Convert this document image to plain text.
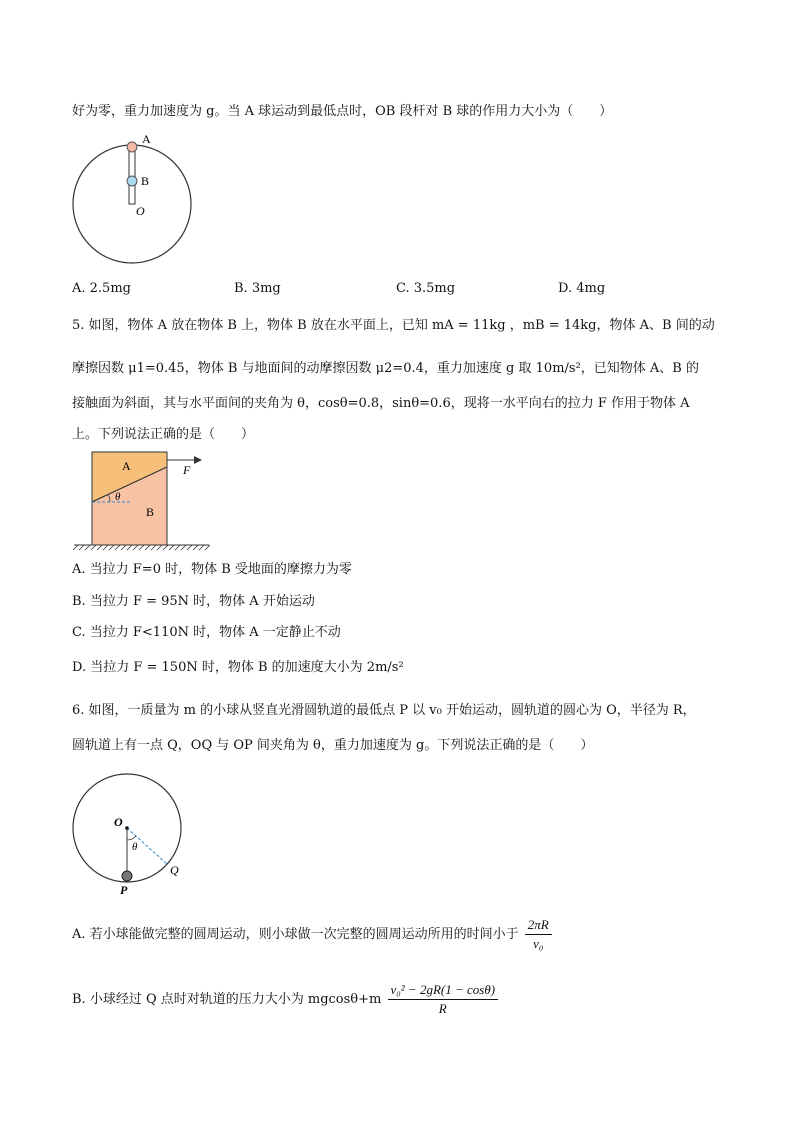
好为零，重力加速度为 g。当 A 球运动到最低点时，OB 段杆对 B 球的作用力大小为（　　）
A
B
O
A. 2.5mg	B. 3mg	C. 3.5mg	D. 4mg
5. 如图，物体 A 放在物体 B 上，物体 B 放在水平面上，已知 mA = 11kg ，mB = 14kg，物体 A、B 间的动
摩擦因数 μ1=0.45，物体 B 与地面间的动摩擦因数 μ2=0.4，重力加速度 g 取 10m/s²，已知物体 A、B 的
接触面为斜面，其与水平面间的夹角为 θ，cosθ=0.8，sinθ=0.6，现将一水平向右的拉力 F 作用于物体 A
上。下列说法正确的是（　　）
A
B
F
θ
A. 当拉力 F=0 时，物体 B 受地面的摩擦力为零
B. 当拉力 F = 95N 时，物体 A 开始运动
C. 当拉力 F<110N 时，物体 A 一定静止不动
D. 当拉力 F = 150N 时，物体 B 的加速度大小为 2m/s²
6. 如图，一质量为 m 的小球从竖直光滑圆轨道的最低点 P 以 v₀ 开始运动，圆轨道的圆心为 O，半径为 R，
圆轨道上有一点 Q，OQ 与 OP 间夹角为 θ，重力加速度为 g。下列说法正确的是（　　）
O
θ
Q
P
A. 若小球能做完整的圆周运动，则小球做一次完整的圆周运动所用的时间小于 $\frac{2\pi R}{\text{v₀}}$
B. 小球经过 Q 点时对轨道的压力大小为 $mgcos\theta+m \frac{\text{v₀² − 2gR(1 − cosθ)}}{R}$
